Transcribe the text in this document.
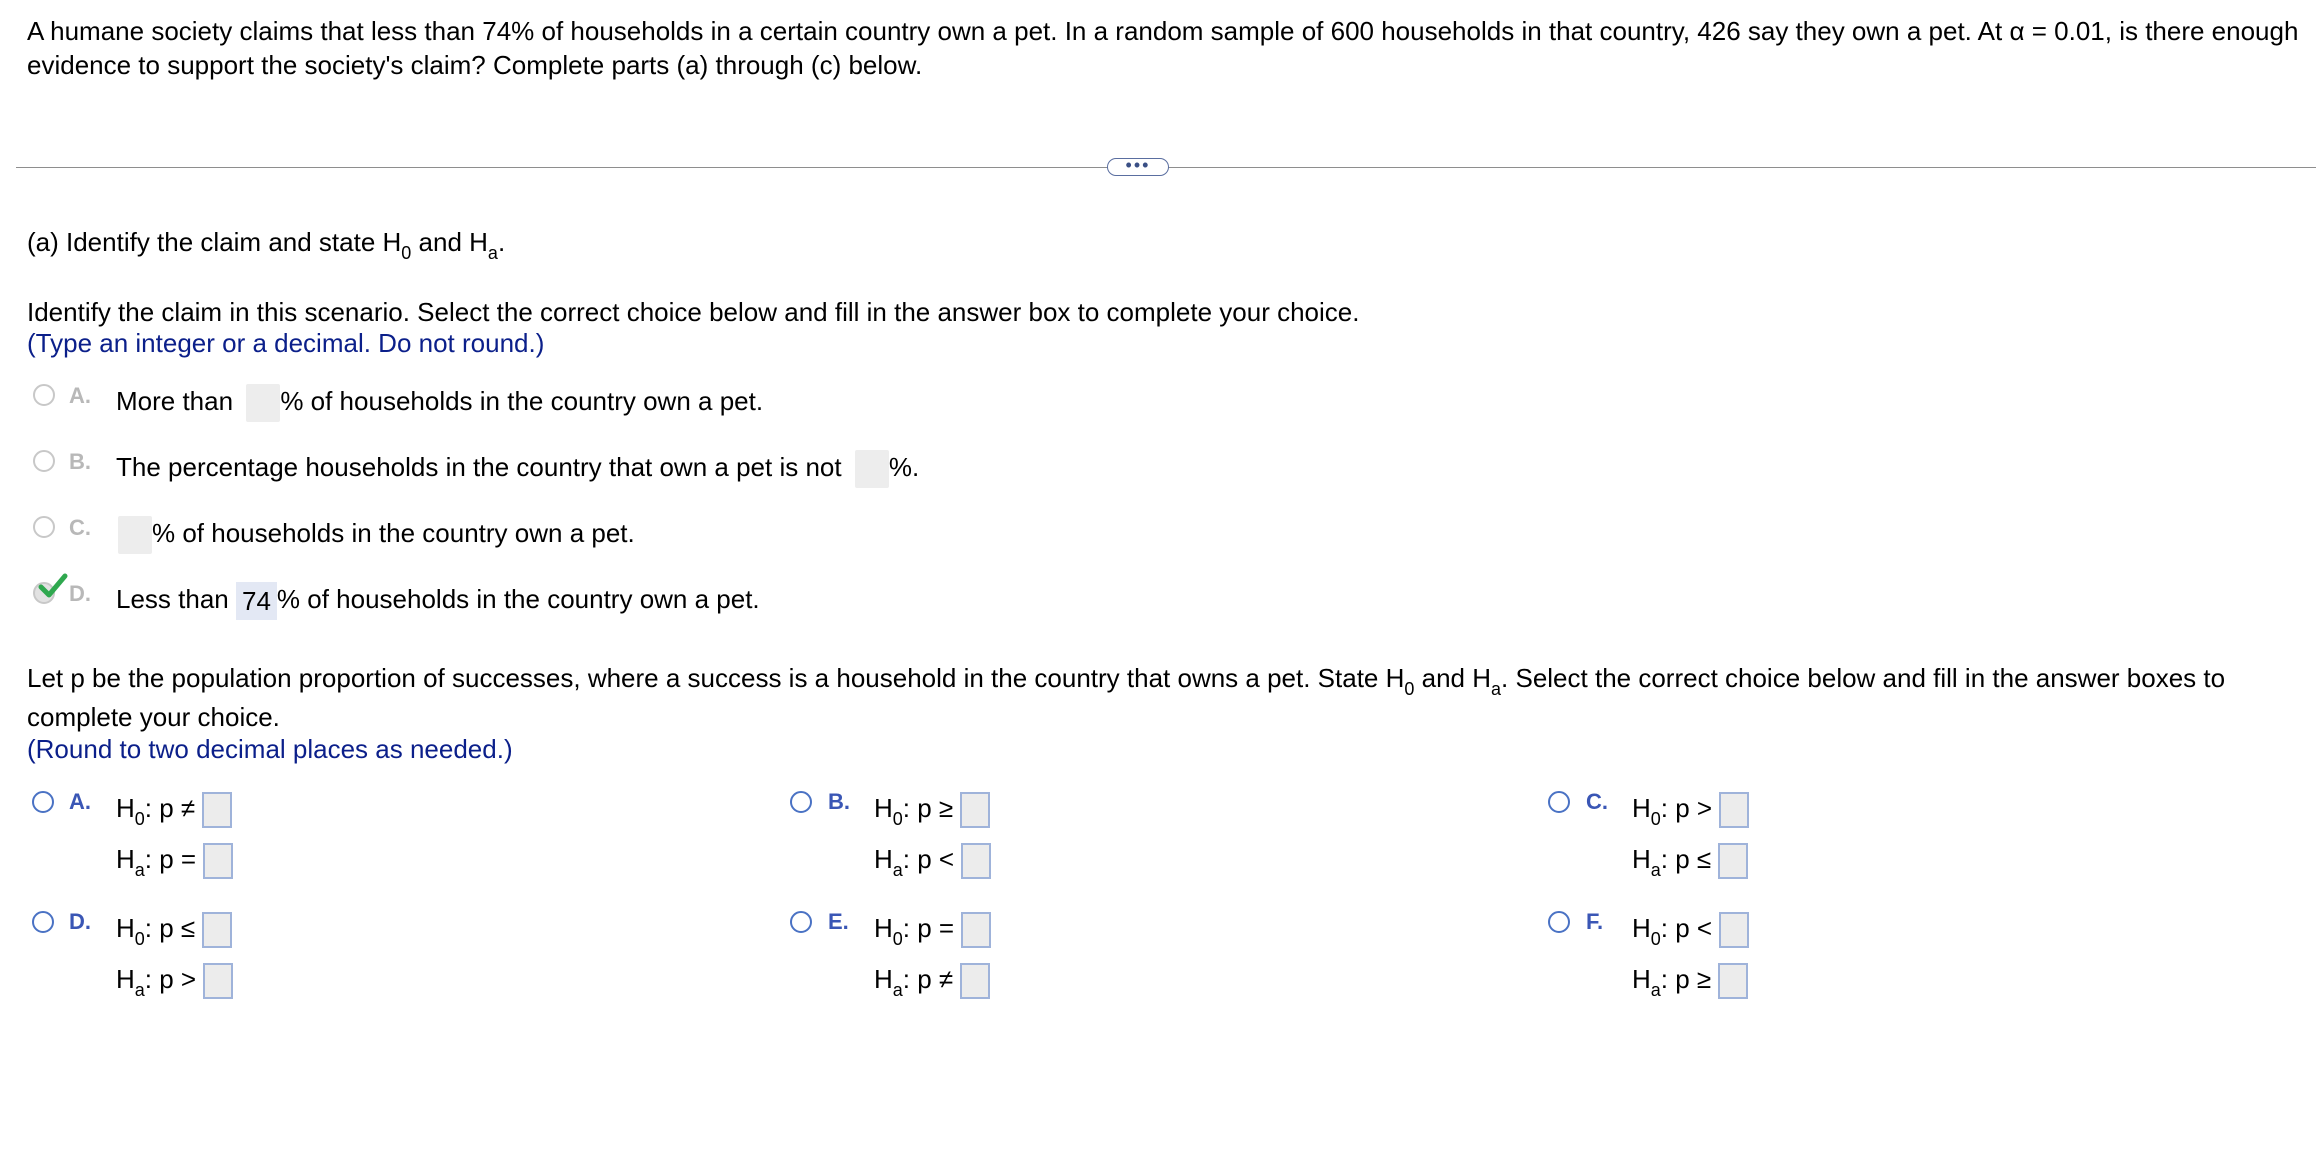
A humane society claims that less than 74% of households in a certain country own a pet. In a random sample of 600 households in that country, 426 say they own a pet. At α = 0.01, is there enough
evidence to support the society's claim? Complete parts (a) through (c) below.
•••
(a) Identify the claim and state $H_0$ and $H_a$.
Identify the claim in this scenario. Select the correct choice below and fill in the answer box to complete your choice.
(Type an integer or a decimal. Do not round.)
A. More than % of households in the country own a pet.
B. The percentage households in the country that own a pet is not %.
C.	% of households in the country own a pet.
D. Less than 74 % of households in the country own a pet.
Let p be the population proportion of successes, where a success is a household in the country that owns a pet. State $H_0$ and $H_a$. Select the correct choice below and fill in the answer boxes to
complete your choice.
(Round to two decimal places as needed.)
A. $H_0$: p ≠
$H_a$: p =
B. $H_0$: p ≥
$H_a$: p <
C. $H_0$: p >
$H_a$: p ≤
D. $H_0$: p ≤
$H_a$: p >
E. $H_0$: p =
$H_a$: p ≠
F. $H_0$: p <
$H_a$: p ≥
